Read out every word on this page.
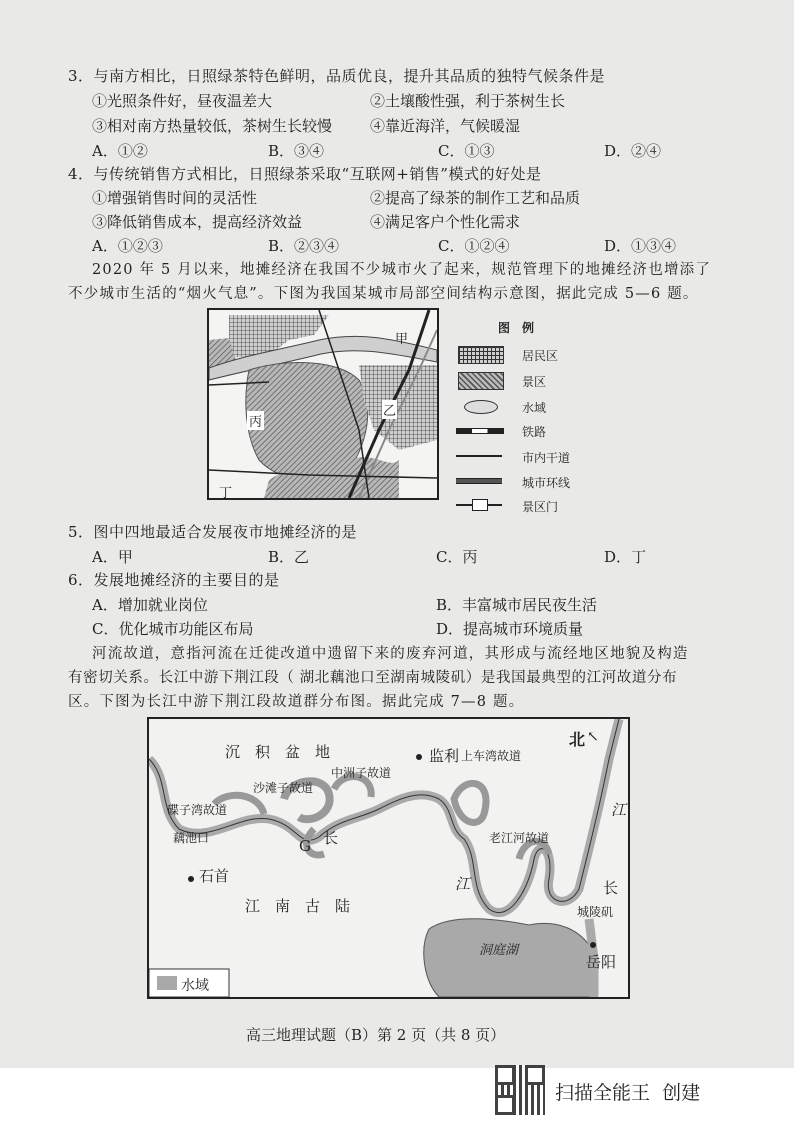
3．与南方相比，日照绿茶特色鲜明，品质优良，提升其品质的独特气候条件是
①光照条件好，昼夜温差大	②土壤酸性强，利于茶树生长
③相对南方热量较低，茶树生长较慢	④靠近海洋，气候暖湿
A．①②	B．③④	C．①③	D．②④
4．与传统销售方式相比，日照绿茶采取“互联网+销售”模式的好处是
①增强销售时间的灵活性	②提高了绿茶的制作工艺和品质
③降低销售成本，提高经济效益	④满足客户个性化需求
A．①②③	B．②③④	C．①②④	D．①③④
2020 年 5 月以来，地摊经济在我国不少城市火了起来，规范管理下的地摊经济也增添了
不少城市生活的“烟火气息”。下图为我国某城市局部空间结构示意图，据此完成 5—6 题。
甲
乙
丙
丁
图　例
居民区
景区
水域
铁路
市内干道
城市环线
景区门
5．图中四地最适合发展夜市地摊经济的是
A．甲	B．乙	C．丙	D．丁
6．发展地摊经济的主要目的是
A．增加就业岗位	B．丰富城市居民夜生活
C．优化城市功能区布局	D．提高城市环境质量
河流故道，意指河流在迁徙改道中遗留下来的废弃河道，其形成与流经地区地貌及构造
有密切关系。长江中游下荆江段（ 湖北藕池口至湖南城陵矶）是我国最典型的江河故道分布
区。下图为长江中游下荆江段故道群分布图。据此完成 7—8 题。
沉　积　盆　地	监利 上车湾故道
中洲子故道
沙滩子故道
碟子湾故道
藕池口	G 长
石首
江　南　古　陆
江
老江河故道
江
长
城陵矶
洞庭湖
岳阳
北 ↖
水域
高三地理试题（B）第 2 页（共 8 页）
扫描全能王  创建
